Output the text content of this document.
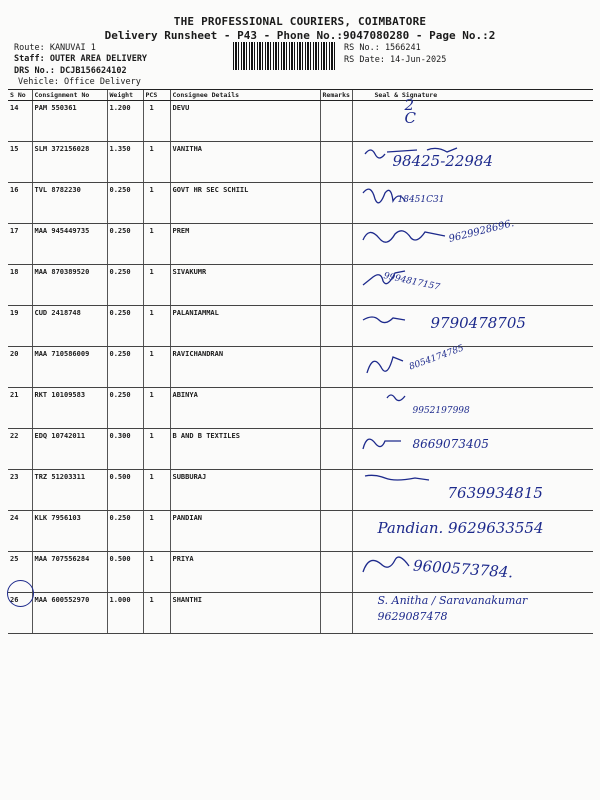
THE PROFESSIONAL COURIERS, COIMBATORE
Delivery Runsheet - P43 - Phone No.:9047080280 - Page No.:2
Route: KANUVAI 1
Staff: OUTER AREA DELIVERY
DRS No.: DCJB156624102
Vehicle: Office Delivery
RS No.: 1566241
RS Date: 14-Jun-2025
S No	Consignment No	Weight	PCS	Consignee Details	Remarks	Seal & Signature
14	PAM 550361	1.200	1	DEVU		2
C

15	SLM 372156028	1.350	1	VANITHA		98425-22984

16	TVL 8782230	0.250	1	GOVT HR SEC SCHIIL		18451C31

17	MAA 945449735	0.250	1	PREM		9629928696.

18	MAA 870389520	0.250	1	SIVAKUMR		9994817157

19	CUD 2418748	0.250	1	PALANIAMMAL		9790478705

20	MAA 710586009	0.250	1	RAVICHANDRAN		8054174785

21	RKT 10109583	0.250	1	ABINYA		9952197998

22	EDQ 10742011	0.300	1	B AND B TEXTILES		8669073405

23	TRZ 51203311	0.500	1	SUBBURAJ		7639934815

24	KLK 7956103	0.250	1	PANDIAN		Pandian. 9629633554

25	MAA 707556284	0.500	1	PRIYA		9600573784.

26	MAA 600552970	1.000	1	SHANTHI		S. Anitha / Saravanakumar
9629087478
